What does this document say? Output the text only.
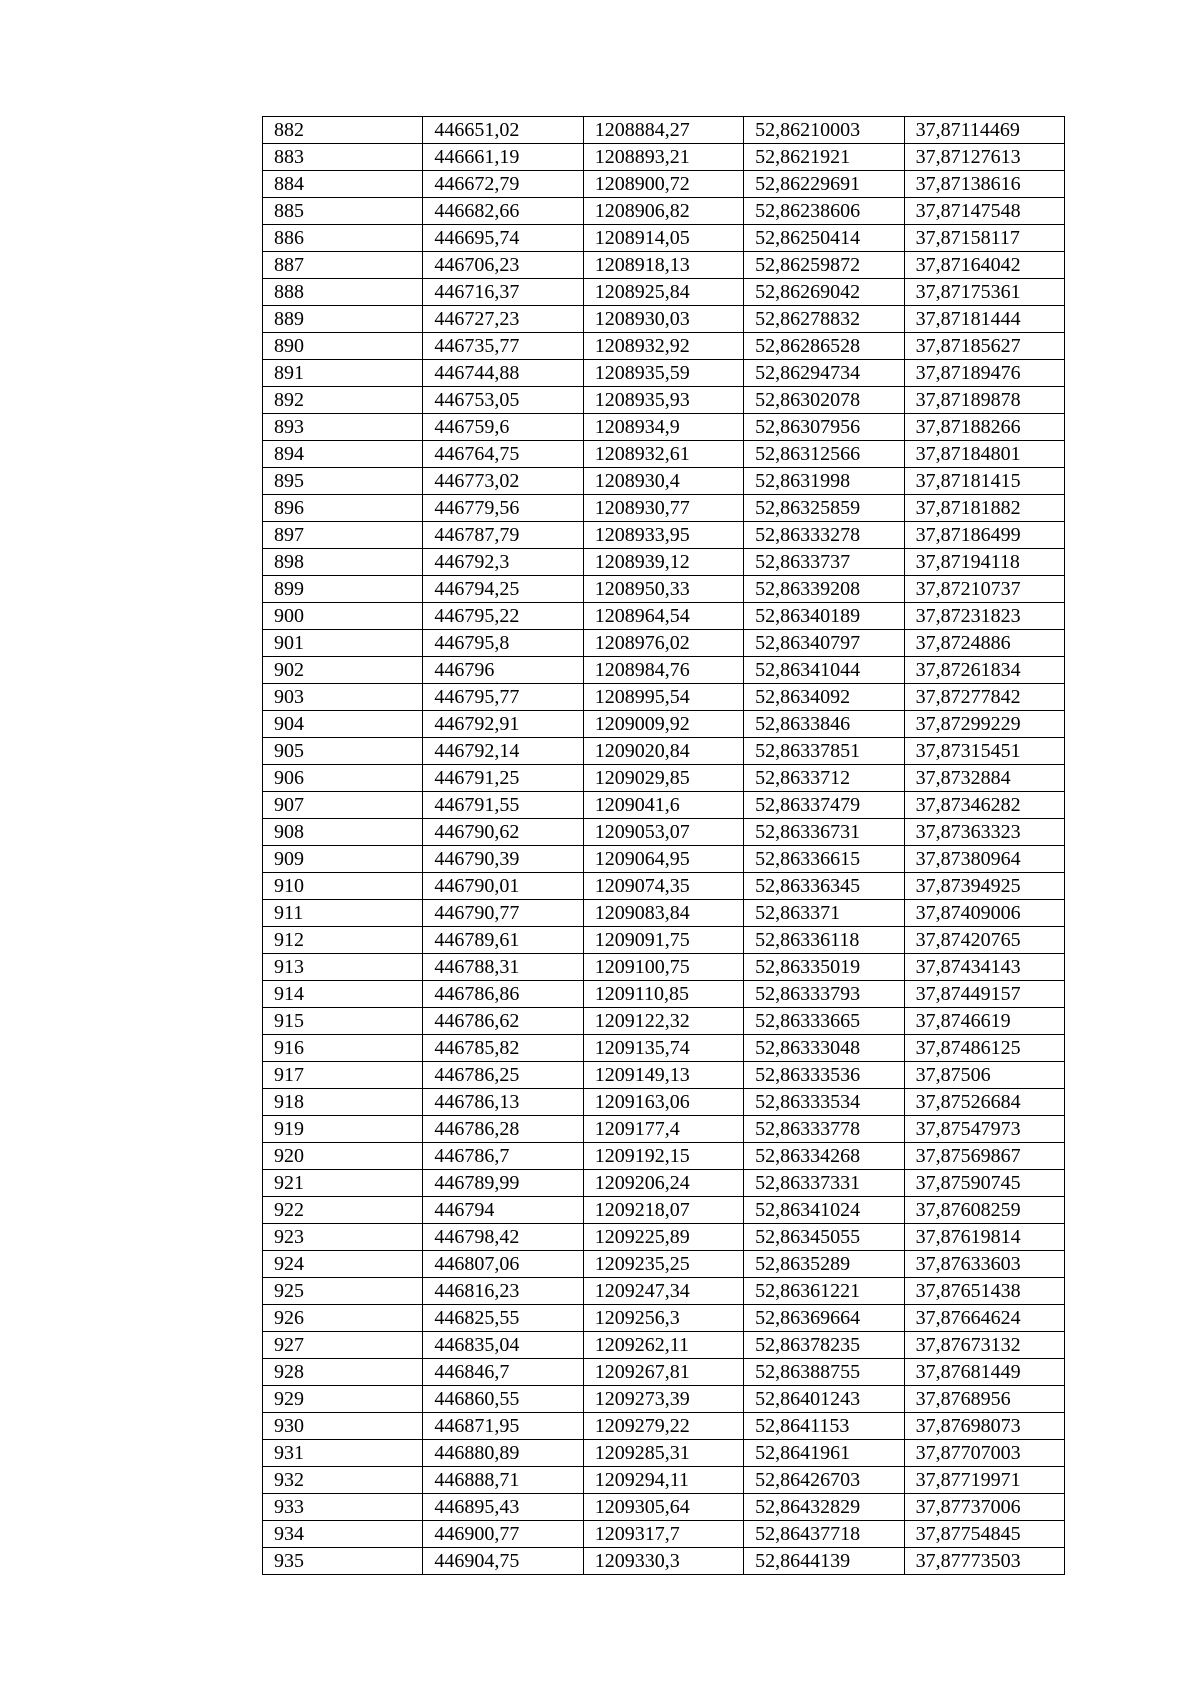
882	446651,02	1208884,27	52,86210003	37,87114469
883	446661,19	1208893,21	52,8621921	37,87127613
884	446672,79	1208900,72	52,86229691	37,87138616
885	446682,66	1208906,82	52,86238606	37,87147548
886	446695,74	1208914,05	52,86250414	37,87158117
887	446706,23	1208918,13	52,86259872	37,87164042
888	446716,37	1208925,84	52,86269042	37,87175361
889	446727,23	1208930,03	52,86278832	37,87181444
890	446735,77	1208932,92	52,86286528	37,87185627
891	446744,88	1208935,59	52,86294734	37,87189476
892	446753,05	1208935,93	52,86302078	37,87189878
893	446759,6	1208934,9	52,86307956	37,87188266
894	446764,75	1208932,61	52,86312566	37,87184801
895	446773,02	1208930,4	52,8631998	37,87181415
896	446779,56	1208930,77	52,86325859	37,87181882
897	446787,79	1208933,95	52,86333278	37,87186499
898	446792,3	1208939,12	52,8633737	37,87194118
899	446794,25	1208950,33	52,86339208	37,87210737
900	446795,22	1208964,54	52,86340189	37,87231823
901	446795,8	1208976,02	52,86340797	37,8724886
902	446796	1208984,76	52,86341044	37,87261834
903	446795,77	1208995,54	52,8634092	37,87277842
904	446792,91	1209009,92	52,8633846	37,87299229
905	446792,14	1209020,84	52,86337851	37,87315451
906	446791,25	1209029,85	52,8633712	37,8732884
907	446791,55	1209041,6	52,86337479	37,87346282
908	446790,62	1209053,07	52,86336731	37,87363323
909	446790,39	1209064,95	52,86336615	37,87380964
910	446790,01	1209074,35	52,86336345	37,87394925
911	446790,77	1209083,84	52,863371	37,87409006
912	446789,61	1209091,75	52,86336118	37,87420765
913	446788,31	1209100,75	52,86335019	37,87434143
914	446786,86	1209110,85	52,86333793	37,87449157
915	446786,62	1209122,32	52,86333665	37,8746619
916	446785,82	1209135,74	52,86333048	37,87486125
917	446786,25	1209149,13	52,86333536	37,87506
918	446786,13	1209163,06	52,86333534	37,87526684
919	446786,28	1209177,4	52,86333778	37,87547973
920	446786,7	1209192,15	52,86334268	37,87569867
921	446789,99	1209206,24	52,86337331	37,87590745
922	446794	1209218,07	52,86341024	37,87608259
923	446798,42	1209225,89	52,86345055	37,87619814
924	446807,06	1209235,25	52,8635289	37,87633603
925	446816,23	1209247,34	52,86361221	37,87651438
926	446825,55	1209256,3	52,86369664	37,87664624
927	446835,04	1209262,11	52,86378235	37,87673132
928	446846,7	1209267,81	52,86388755	37,87681449
929	446860,55	1209273,39	52,86401243	37,8768956
930	446871,95	1209279,22	52,8641153	37,87698073
931	446880,89	1209285,31	52,8641961	37,87707003
932	446888,71	1209294,11	52,86426703	37,87719971
933	446895,43	1209305,64	52,86432829	37,87737006
934	446900,77	1209317,7	52,86437718	37,87754845
935	446904,75	1209330,3	52,8644139	37,87773503
